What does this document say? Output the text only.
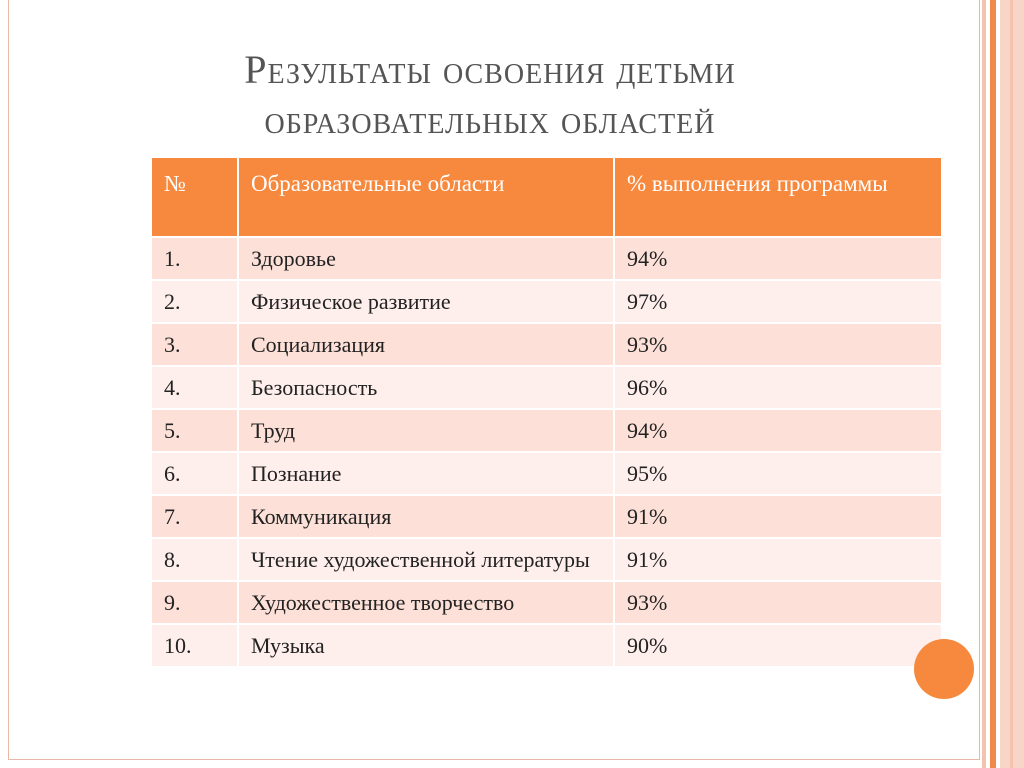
Результаты освоения детьми
образовательных областей
№	Образовательные области	% выполнения программы
1.	Здоровье	94%
2.	Физическое развитие	97%
3.	Социализация	93%
4.	Безопасность	96%
5.	Труд	94%
6.	Познание	95%
7.	Коммуникация	91%
8.	Чтение художественной литературы	91%
9.	Художественное творчество	93%
10.	Музыка	90%
